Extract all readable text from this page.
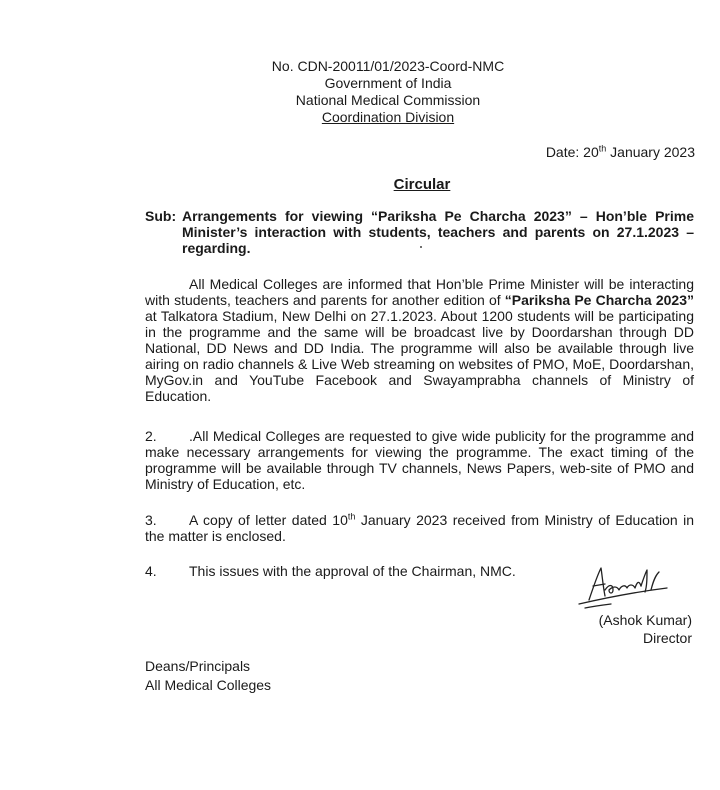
No. CDN-20011/01/2023-Coord-NMC
Government of India
National Medical Commission
Coordination Division
Date: 20th January 2023
Circular
Sub: Arrangements for viewing “Pariksha Pe Charcha 2023” – Hon’ble Prime Minister’s interaction with students, teachers and parents on 27.1.2023 – regarding.
All Medical Colleges are informed that Hon’ble Prime Minister will be interacting with students, teachers and parents for another edition of “Pariksha Pe Charcha 2023” at Talkatora Stadium, New Delhi on 27.1.2023. About 1200 students will be participating in the programme and the same will be broadcast live by Doordarshan through DD National, DD News and DD India. The programme will also be available through live airing on radio channels & Live Web streaming on websites of PMO, MoE, Doordarshan, MyGov.in and YouTube Facebook and Swayamprabha channels of Ministry of Education.
2. .All Medical Colleges are requested to give wide publicity for the programme and make necessary arrangements for viewing the programme. The exact timing of the programme will be available through TV channels, News Papers, web-site of PMO and Ministry of Education, etc.
3. A copy of letter dated 10th January 2023 received from Ministry of Education in the matter is enclosed.
4. This issues with the approval of the Chairman, NMC.
(Ashok Kumar)
Director
Deans/Principals
All Medical Colleges
